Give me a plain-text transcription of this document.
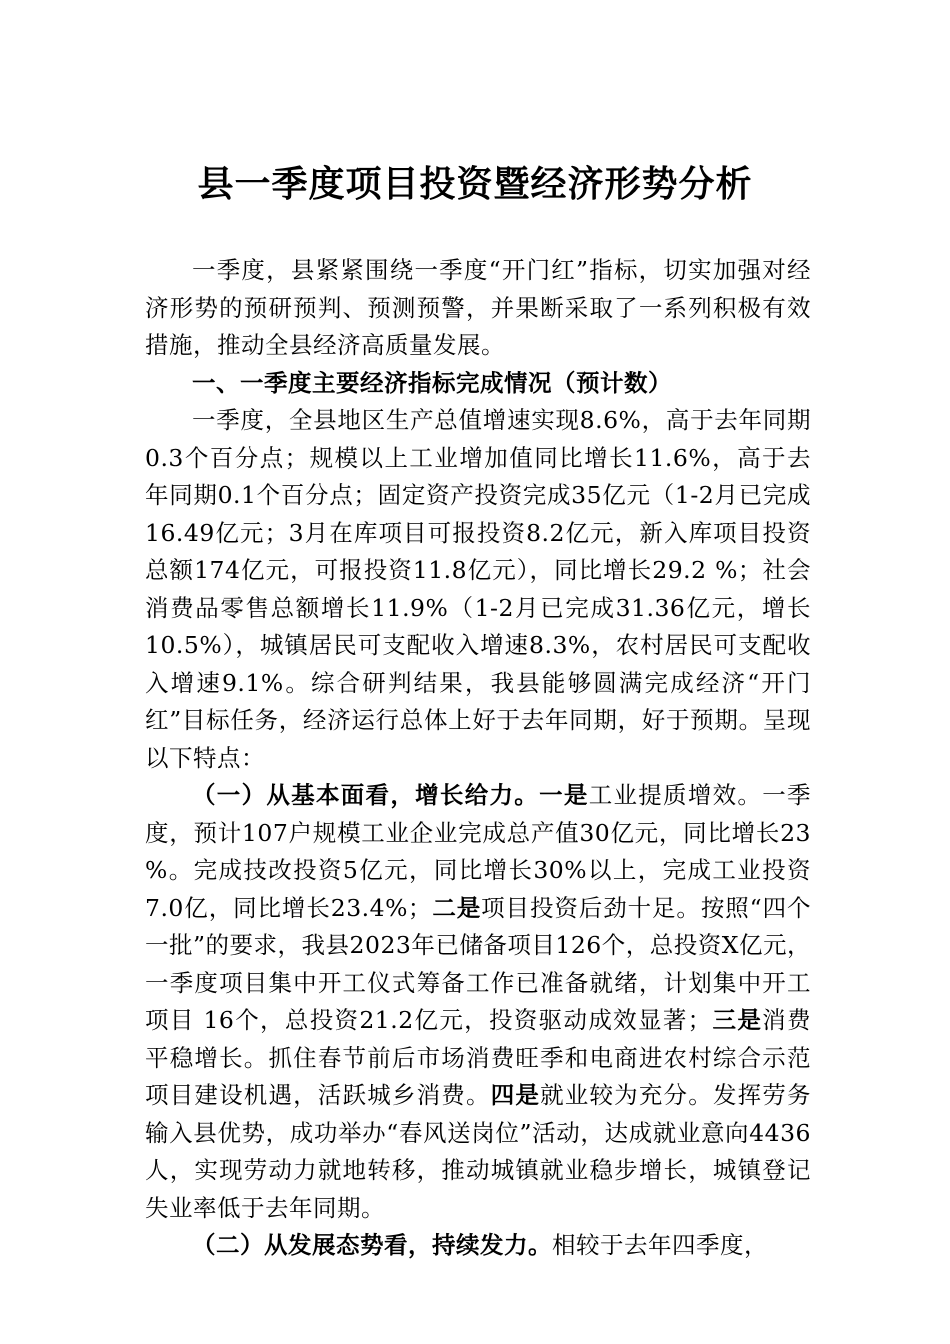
县一季度项目投资暨经济形势分析

一季度，县紧紧围绕一季度“开门红”指标，切实加强对经济形势的预研预判、预测预警，并果断采取了一系列积极有效措施，推动全县经济高质量发展。

一、一季度主要经济指标完成情况（预计数）

一季度，全县地区生产总值增速实现8.6%，高于去年同期0.3个百分点；规模以上工业增加值同比增长11.6%，高于去年同期0.1个百分点；固定资产投资完成35亿元（1-2月已完成16.49亿元；3月在库项目可报投资8.2亿元，新入库项目投资总额174亿元，可报投资11.8亿元），同比增长29.2 %；社会消费品零售总额增长11.9%（1-2月已完成31.36亿元，增长10.5%），城镇居民可支配收入增速8.3%，农村居民可支配收入增速9.1%。综合研判结果，我县能够圆满完成经济“开门红”目标任务，经济运行总体上好于去年同期，好于预期。呈现以下特点：

（一）从基本面看，增长给力。一是工业提质增效。一季度，预计107户规模工业企业完成总产值30亿元，同比增长23 %。完成技改投资5亿元，同比增长30%以上，完成工业投资7.0亿，同比增长23.4%；二是项目投资后劲十足。按照“四个一批”的要求，我县2023年已储备项目126个，总投资X亿元，一季度项目集中开工仪式筹备工作已准备就绪，计划集中开工项目 16个，总投资21.2亿元，投资驱动成效显著；三是消费平稳增长。抓住春节前后市场消费旺季和电商进农村综合示范项目建设机遇，活跃城乡消费。四是就业较为充分。发挥劳务输入县优势，成功举办“春风送岗位”活动，达成就业意向4436人，实现劳动力就地转移，推动城镇就业稳步增长，城镇登记失业率低于去年同期。

（二）从发展态势看，持续发力。相较于去年四季度，
